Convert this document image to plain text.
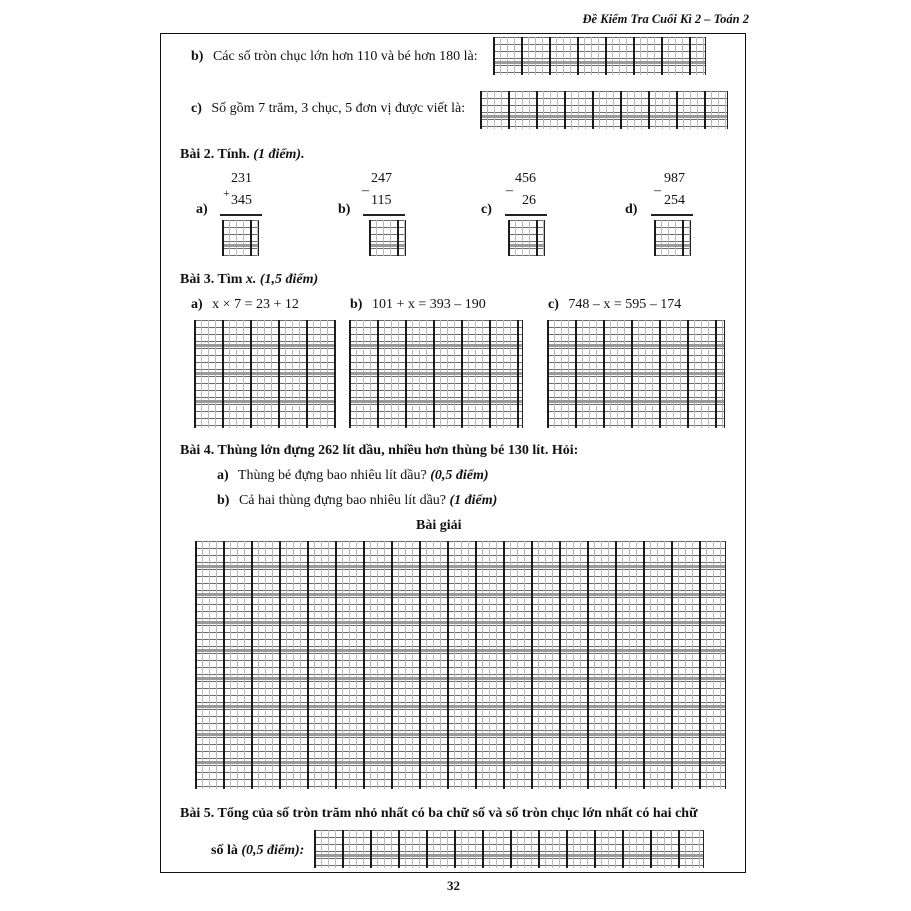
Đề Kiểm Tra Cuối Kì 2 – Toán 2
b) Các số tròn chục lớn hơn 110 và bé hơn 180 là:
c) Số gồm 7 trăm, 3 chục, 5 đơn vị được viết là:
Bài 2. Tính. (1 điểm).
a)
231
+ 345
b)
247
–
115
c)
456
–
26
d)
987
–
254
Bài 3. Tìm x. (1,5 điểm)
a) x × 7 = 23 + 12	b) 101 + x = 393 – 190	c) 748 – x = 595 – 174
Bài 4. Thùng lớn đựng 262 lít dầu, nhiều hơn thùng bé 130 lít. Hỏi:
a) Thùng bé đựng bao nhiêu lít dầu? (0,5 điểm)
b) Cả hai thùng đựng bao nhiêu lít dầu? (1 điểm)
Bài giải
Bài 5. Tổng của số tròn trăm nhỏ nhất có ba chữ số và số tròn chục lớn nhất có hai chữ
số là (0,5 điểm):
32
